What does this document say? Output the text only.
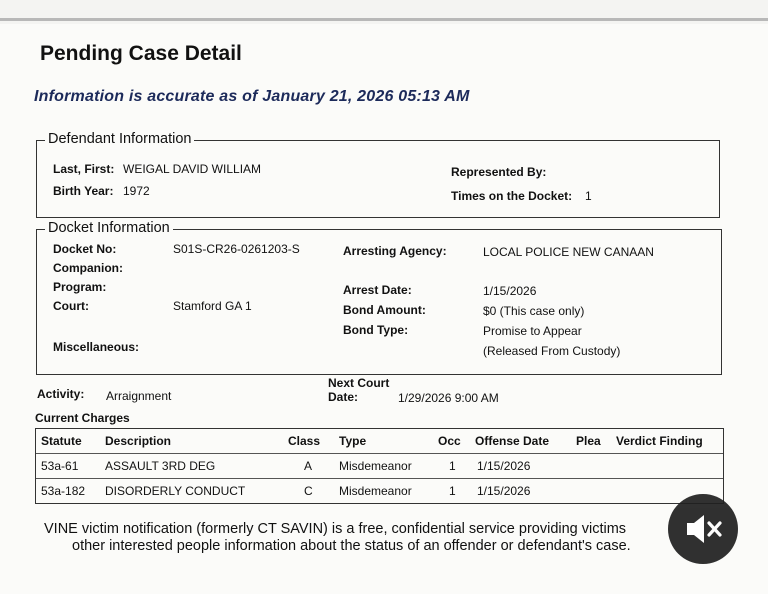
Pending Case Detail
Information is accurate as of January 21, 2026 05:13 AM
Defendant Information
Last, First: WEIGAL DAVID WILLIAM
Birth Year: 1972
Represented By:
Times on the Docket: 1
Docket Information
Docket No:	S01S-CR26-0261203-S
Companion:
Program:
Court:	Stamford GA 1
Miscellaneous:
Arresting Agency:	LOCAL POLICE NEW CANAAN
Arrest Date:	1/15/2026
Bond Amount:	$0 (This case only)
Bond Type:	Promise to Appear
(Released From Custody)
Activity: Arraignment
Next Court
Date:	1/29/2026 9:00 AM
Current Charges
Statute Description	Class Type	Occ Offense Date Plea Verdict Finding
53a-61 ASSAULT 3RD DEG	A Misdemeanor	1 1/15/2026
53a-182 DISORDERLY CONDUCT	C Misdemeanor	1 1/15/2026
VINE victim notification (formerly CT SAVIN) is a free, confidential service providing victims
other interested people information about the status of an offender or defendant's case.
